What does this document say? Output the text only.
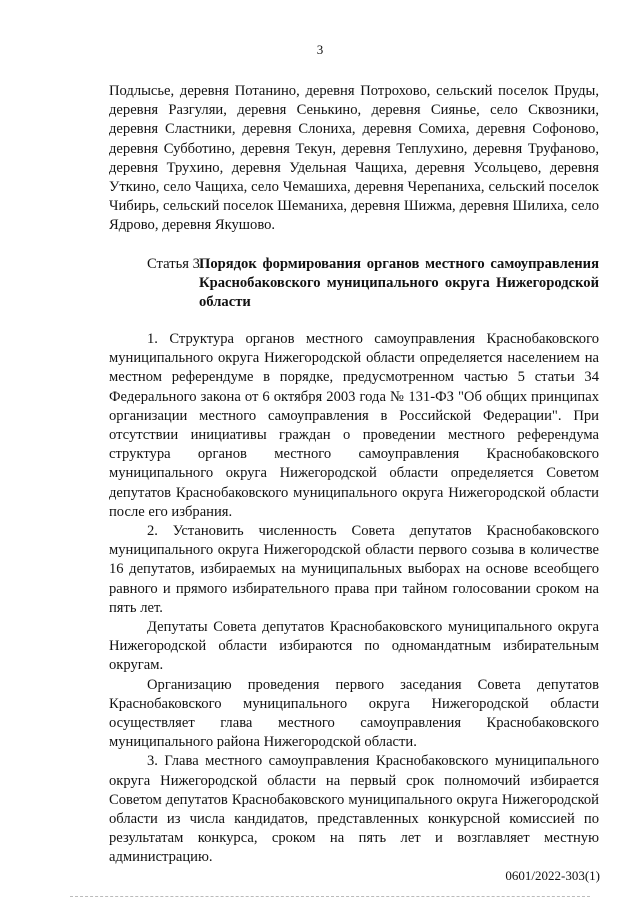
3
Подлысье, деревня Потанино, деревня Потрохово, сельский поселок Пруды, деревня Разгуляи, деревня Сенькино, деревня Сиянье, село Сквозники, деревня Сластники, деревня Слониха, деревня Сомиха, деревня Софоново, деревня Субботино, деревня Текун, деревня Теплухино, деревня Труфаново, деревня Трухино, деревня Удельная Чащиха, деревня Усольцево, деревня Уткино, село Чащиха, село Чемашиха, деревня Черепаниха, сельский поселок Чибирь, сельский поселок Шеманиха, деревня Шижма, деревня Шилиха, село Ядрово, деревня Якушово.
Статья 3.
Порядок формирования органов местного самоуправления Краснобаковского муниципального округа Нижегородской области

1. Структура органов местного самоуправления Краснобаковского муниципального округа Нижегородской области определяется населением на местном референдуме в порядке, предусмотренном частью 5 статьи 34 Федерального закона от 6 октября 2003 года № 131-ФЗ "Об общих принципах организации местного самоуправления в Российской Федерации". При отсутствии инициативы граждан о проведении местного референдума структура органов местного самоуправления Краснобаковского муниципального округа Нижегородской области определяется Советом депутатов Краснобаковского муниципального округа Нижегородской области после его избрания.

2. Установить численность Совета депутатов Краснобаковского муниципального округа Нижегородской области первого созыва в количестве 16 депутатов, избираемых на муниципальных выборах на основе всеобщего равного и прямого избирательного права при тайном голосовании сроком на пять лет.

Депутаты Совета депутатов Краснобаковского муниципального округа Нижегородской области избираются по одномандатным избирательным округам.

Организацию проведения первого заседания Совета депутатов Краснобаковского муниципального округа Нижегородской области осуществляет глава местного самоуправления Краснобаковского муниципального района Нижегородской области.

3. Глава местного самоуправления Краснобаковского муниципального округа Нижегородской области на первый срок полномочий избирается Советом депутатов Краснобаковского муниципального округа Нижегородской области из числа кандидатов, представленных конкурсной комиссией по результатам конкурса, сроком на пять лет и возглавляет местную администрацию.

0601/2022-303(1)
